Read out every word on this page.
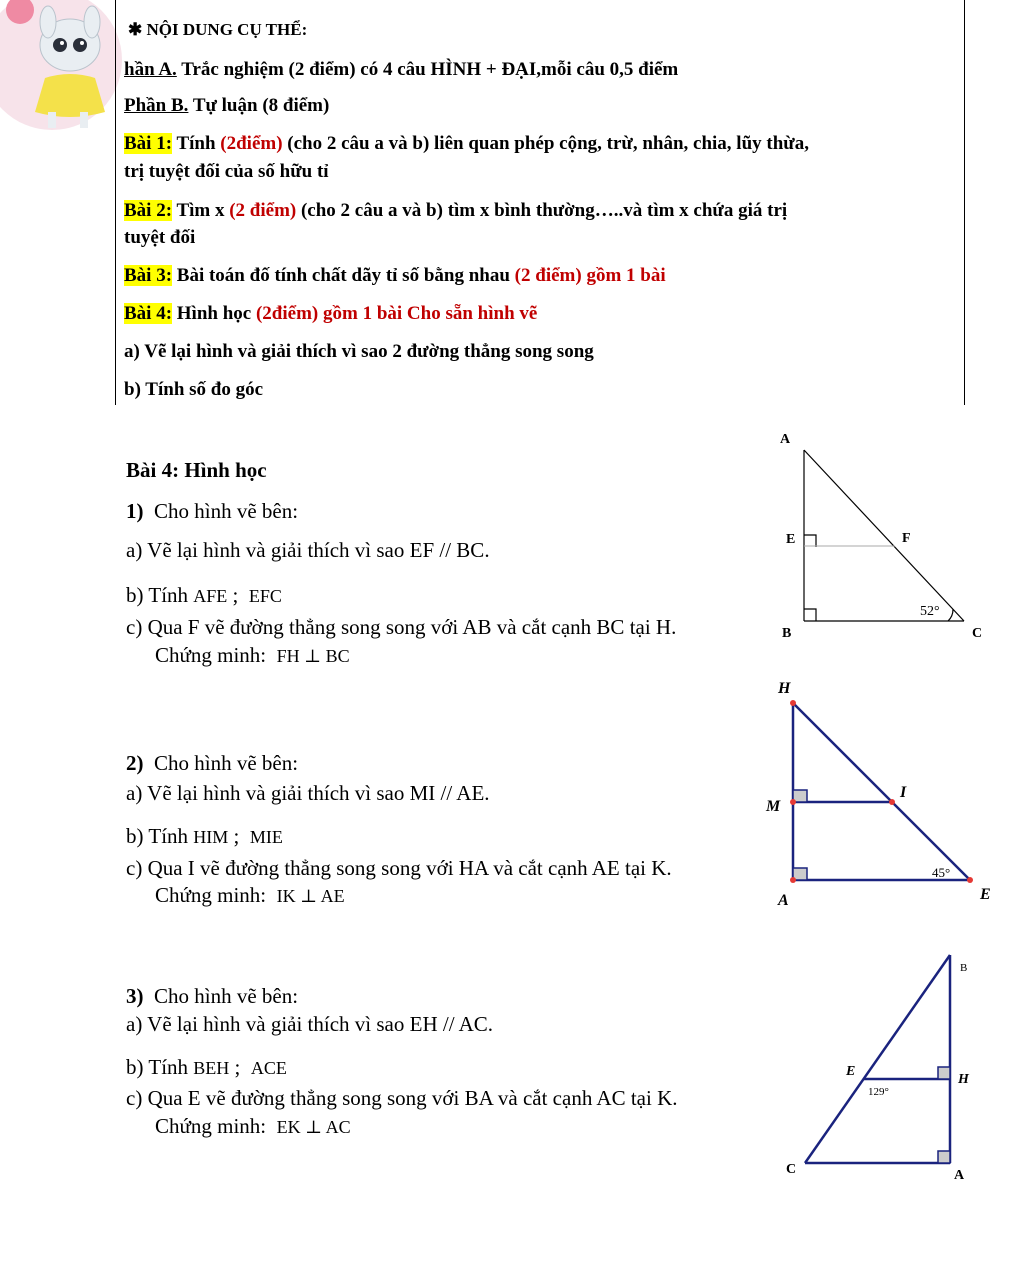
✱ NỘI DUNG CỤ THỂ:
hần A. Trắc nghiệm (2 điểm) có 4 câu HÌNH + ĐẠI,mỗi câu 0,5 điểm
Phần B. Tự luận (8 điểm)
Bài 1: Tính (2điểm) (cho 2 câu a và b) liên quan phép cộng, trừ, nhân, chia, lũy thừa,
trị tuyệt đối của số hữu tỉ
Bài 2: Tìm x (2 điểm) (cho 2 câu a và b) tìm x bình thường…..và tìm x chứa giá trị
tuyệt đối
Bài 3: Bài toán đố tính chất dãy tỉ số bằng nhau (2 điểm) gồm 1 bài
Bài 4: Hình học (2điểm) gồm 1 bài Cho sẵn hình vẽ
a) Vẽ lại hình và giải thích vì sao 2 đường thẳng song song
b) Tính số đo góc
Bài 4: Hình học
1) Cho hình vẽ bên:
a) Vẽ lại hình và giải thích vì sao EF // BC.
b) Tính AFE ;  EFC
c) Qua F vẽ đường thẳng song song với AB và cắt cạnh BC tại H.
Chứng minh: FH ⊥ BC
2) Cho hình vẽ bên:
a) Vẽ lại hình và giải thích vì sao MI // AE.
b) Tính HIM ;  MIE
c) Qua I vẽ đường thẳng song song với HA và cắt cạnh AE tại K.
Chứng minh: IK ⊥ AE
3) Cho hình vẽ bên:
a) Vẽ lại hình và giải thích vì sao EH // AC.
b) Tính BEH ;  ACE
c) Qua E vẽ đường thẳng song song với BA và cắt cạnh AC tại K.
Chứng minh: EK ⊥ AC
A
E	F
B	C
52°
H
M
I
A	E
45°
B
E
H
C	A
129°
